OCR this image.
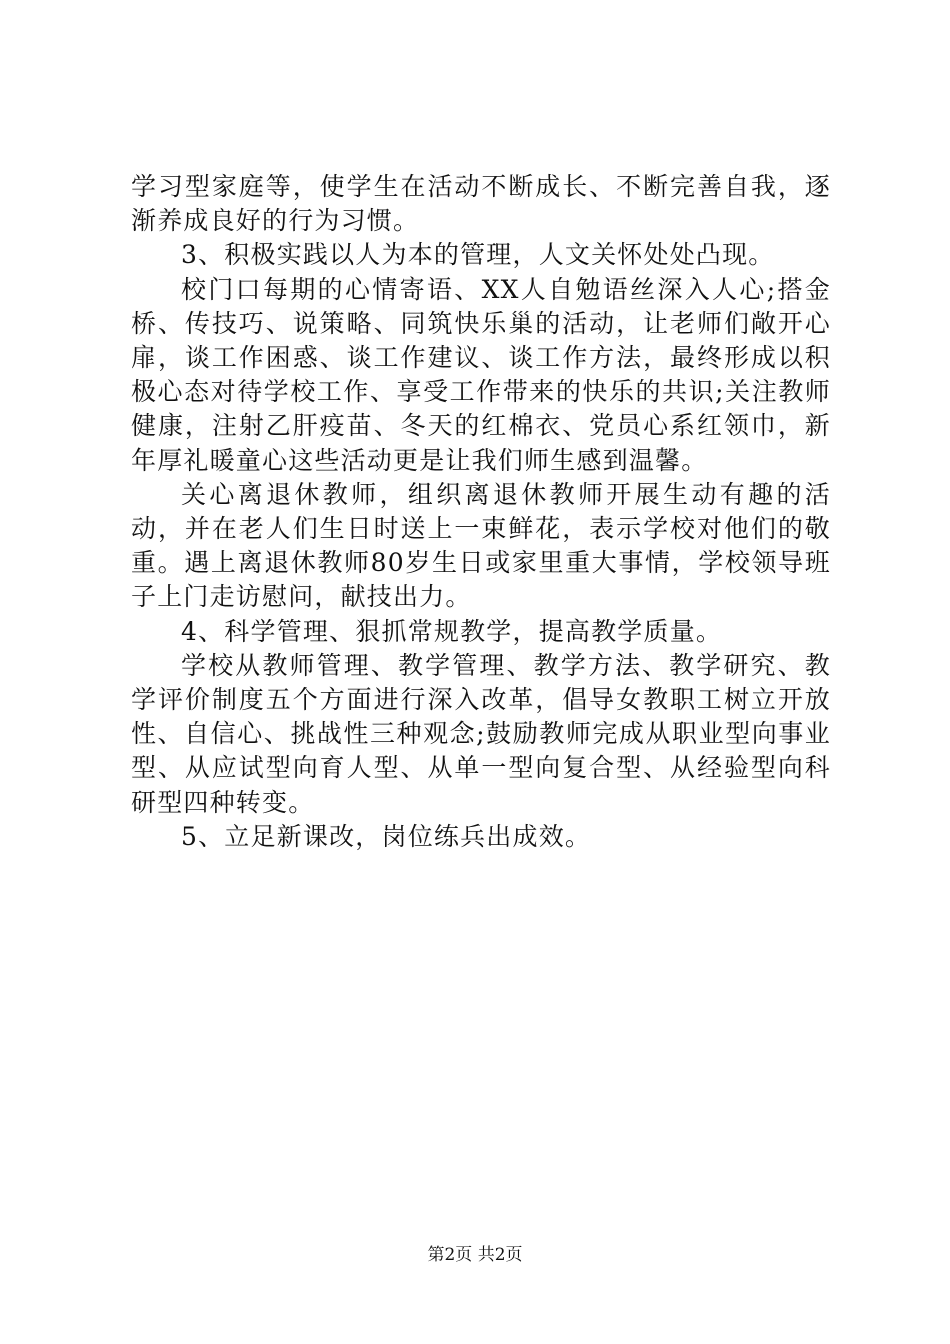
学习型家庭等，使学生在活动不断成长、不断完善自我，逐渐养成良好的行为习惯。

3、积极实践以人为本的管理，人文关怀处处凸现。

校门口每期的心情寄语、XX人自勉语丝深入人心;搭金桥、传技巧、说策略、同筑快乐巢的活动，让老师们敞开心扉，谈工作困惑、谈工作建议、谈工作方法，最终形成以积极心态对待学校工作、享受工作带来的快乐的共识;关注教师健康，注射乙肝疫苗、冬天的红棉衣、党员心系红领巾，新年厚礼暖童心这些活动更是让我们师生感到温馨。

关心离退休教师，组织离退休教师开展生动有趣的活动，并在老人们生日时送上一束鲜花，表示学校对他们的敬重。遇上离退休教师80岁生日或家里重大事情，学校领导班子上门走访慰问，献技出力。

4、科学管理、狠抓常规教学，提高教学质量。

学校从教师管理、教学管理、教学方法、教学研究、教学评价制度五个方面进行深入改革，倡导女教职工树立开放性、自信心、挑战性三种观念;鼓励教师完成从职业型向事业型、从应试型向育人型、从单一型向复合型、从经验型向科研型四种转变。

5、立足新课改，岗位练兵出成效。

第2页 共2页
